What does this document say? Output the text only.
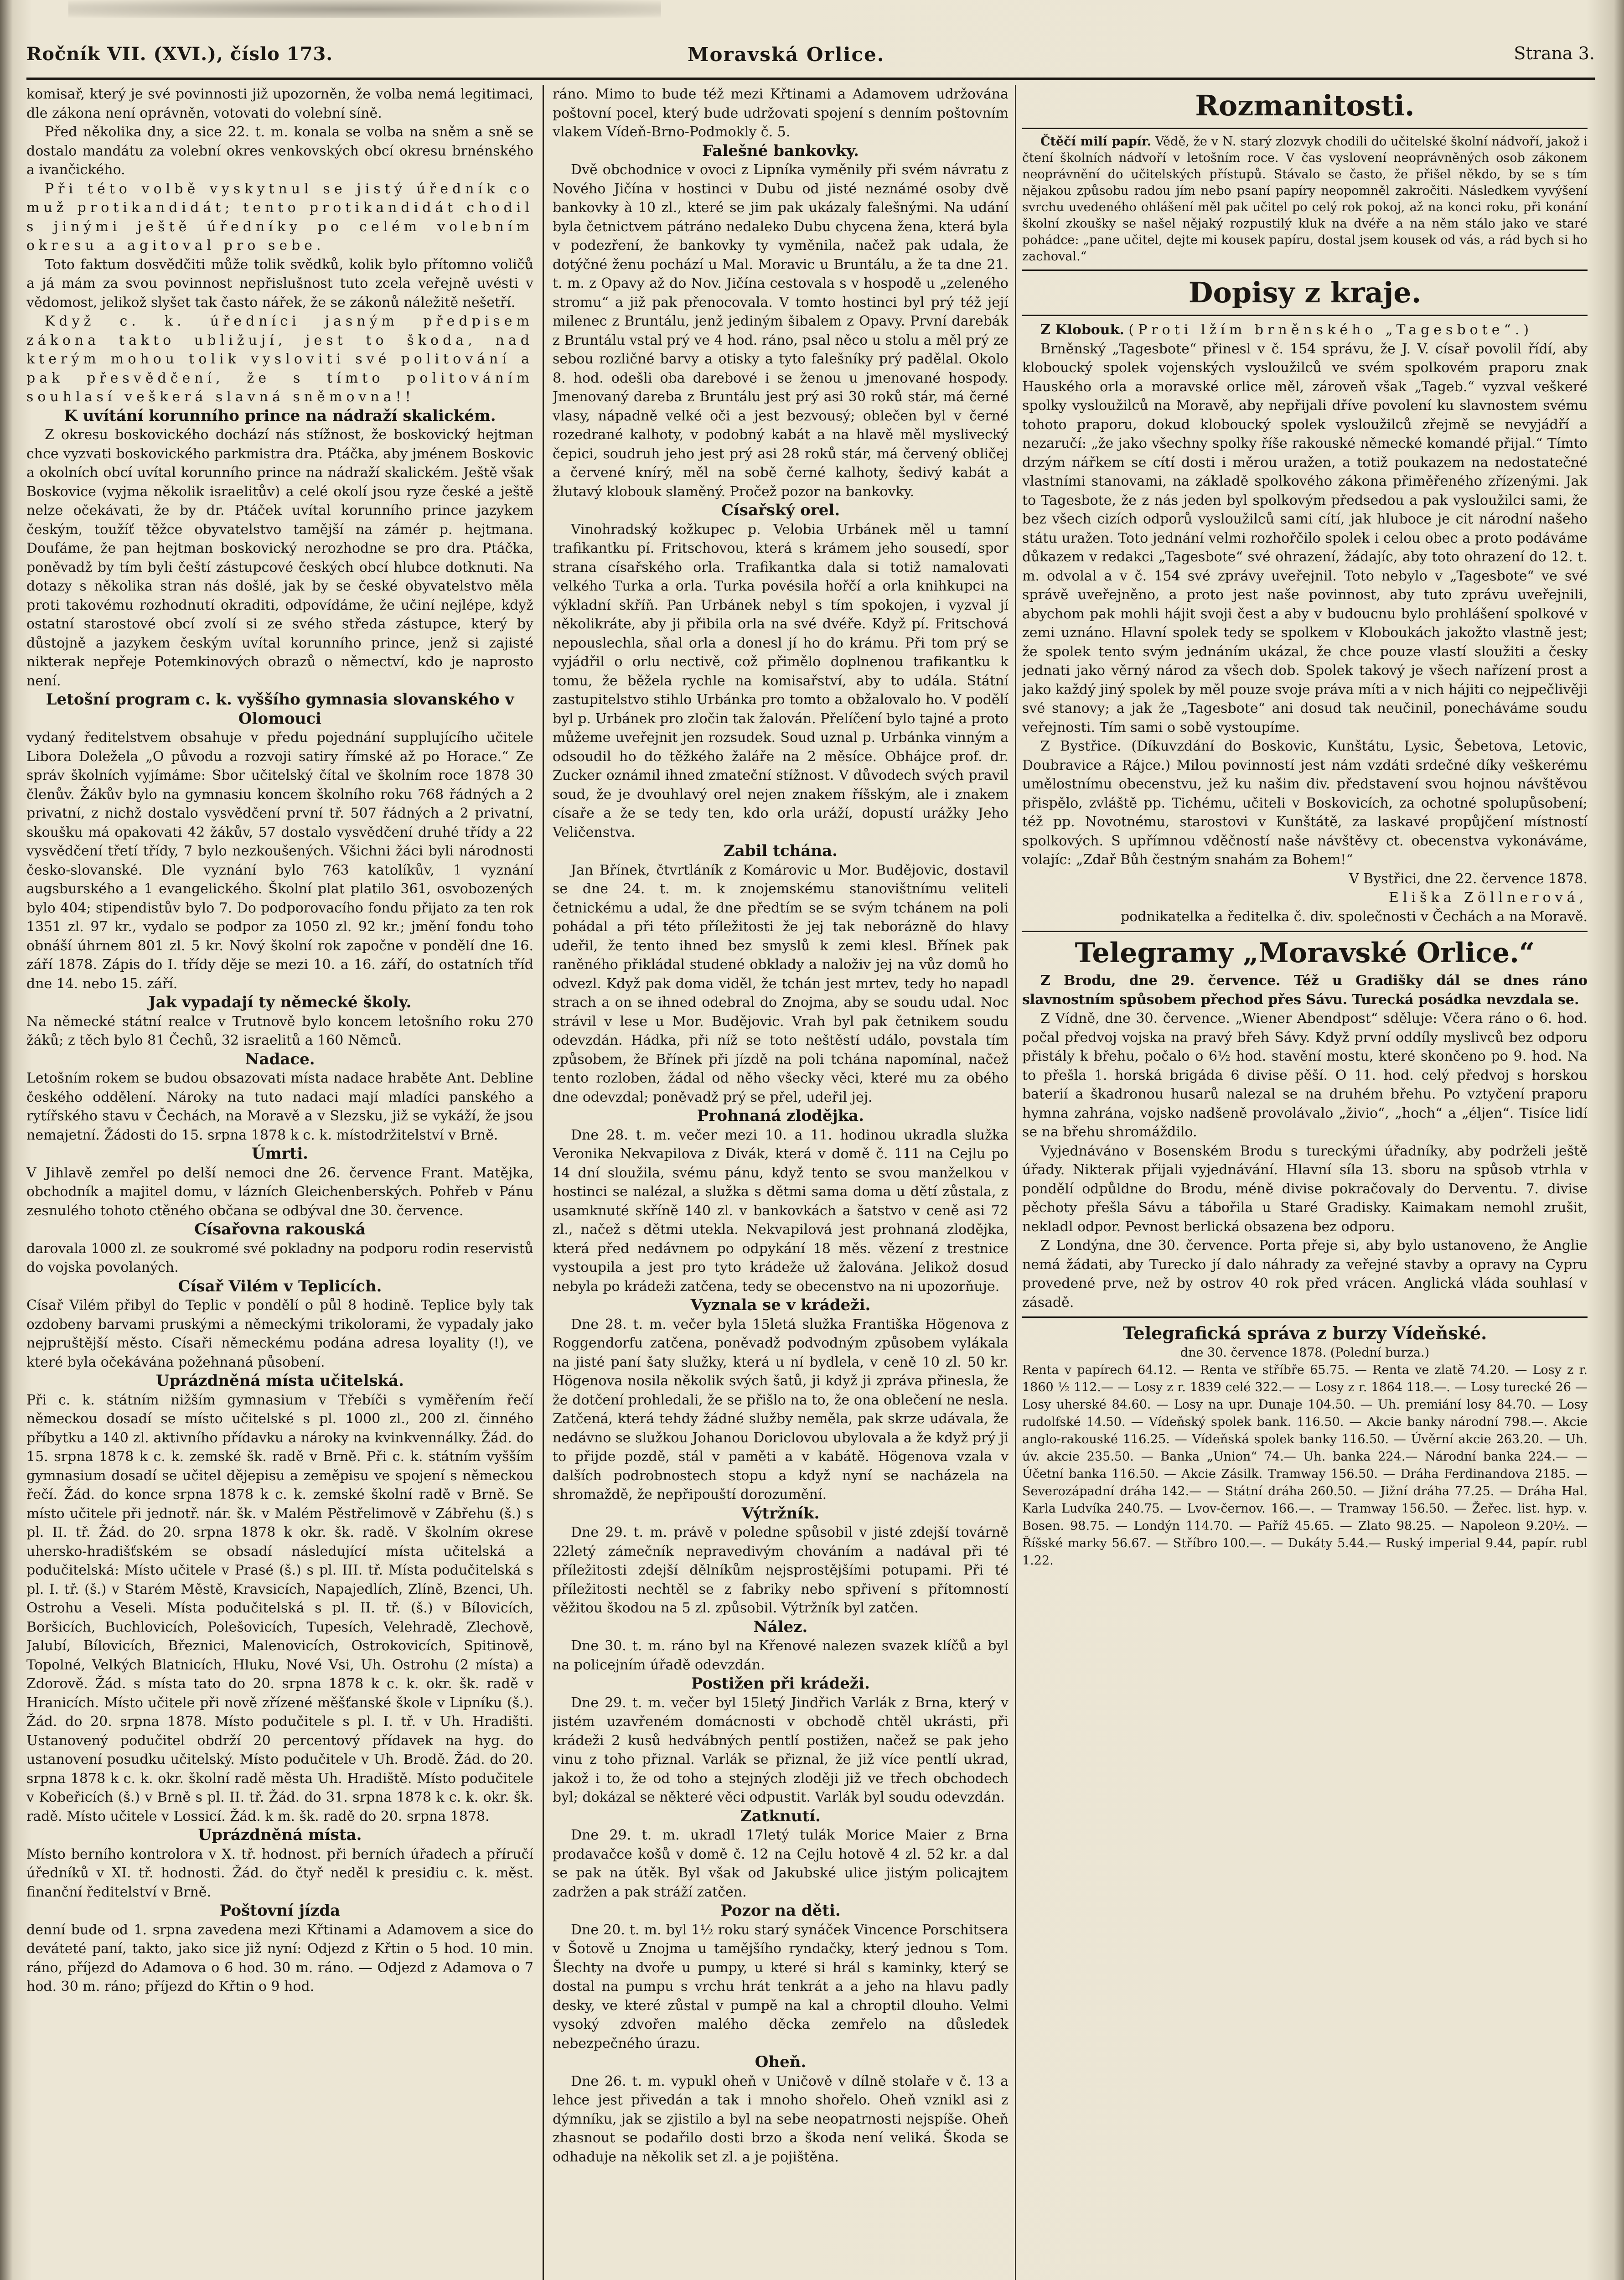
Ročník VII. (XVI.), číslo 173.	Moravská Orlice.	Strana 3.

komisař, který je své povinnosti již upozorněn, že volba nemá legitimaci, dle zákona není oprávněn, votovati do volební síně.

Před několika dny, a sice 22. t. m. konala se volba na sněm a sně se dostalo mandátu za volební okres venkovských obcí okresu brnénského a ivančického.

Při této volbě vyskytnul se jistý úředník co muž protikandidát; tento protikandidát chodil s jinými ještě úředníky po celém volebním okresu a agitoval pro sebe.

Toto faktum dosvědčiti může tolik svědků, kolik bylo přítomno voličů a já mám za svou povinnost nepřislušnost tuto zcela veřejně uvésti v vědomost, jelikož slyšet tak často nářek, že se zákonů náležitě nešetří.

Když c. k. úředníci jasným předpisem zákona takto ubližují, jest to škoda, nad kterým mohou tolik vysloviti své politování a pak přesvědčení, že s tímto politováním souhlasí veškerá slavná sněmovna!!

K uvítání korunního prince na nádraží skalickém.

Z okresu boskovického dochází nás stížnost, že boskovický hejtman chce vyzvati boskovického parkmistra dra. Ptáčka, aby jménem Boskovic a okolních obcí uvítal korunního prince na nádraží skalickém. Ještě však Boskovice (vyjma několik israelitův) a celé okolí jsou ryze české a ještě nelze očekávati, že by dr. Ptáček uvítal korunního prince jazykem českým, toužíť těžce obyvatelstvo tamější na zámér p. hejtmana. Doufáme, že pan hejtman boskovický nerozhodne se pro dra. Ptáčka, poněvadž by tím byli čeští zástupcové českých obcí hlubce dotknuti. Na dotazy s několika stran nás došlé, jak by se české obyvatelstvo měla proti takovému rozhodnutí okraditi, odpovídáme, že učiní nejlépe, když ostatní starostové obcí zvolí si ze svého středa zástupce, který by důstojně a jazykem českým uvítal korunního prince, jenž si zajisté nikterak nepřeje Potemkinových obrazů o němectví, kdo je naprosto není.

Letošní program c. k. vyššího gymnasia slovanského v Olomouci

vydaný ředitelstvem obsahuje v předu pojednání supplujícího učitele Libora Doležela „O původu a rozvoji satiry římské až po Horace.“ Ze správ školních vyjímáme: Sbor učitelský čítal ve školním roce 1878 30 členův. Žákův bylo na gymnasiu koncem školního roku 768 řádných a 2 privatní, z nichž dostalo vysvědčení první tř. 507 řádných a 2 privatní, skoušku má opakovati 42 žákův, 57 dostalo vysvědčení druhé třídy a 22 vysvědčení třetí třídy, 7 bylo nezkoušených. Všichni žáci byli národnosti česko-slovanské. Dle vyznání bylo 763 katolíkův, 1 vyznání augsburského a 1 evangelického. Školní plat platilo 361, osvobozených bylo 404; stipendistův bylo 7. Do podporovacího fondu přijato za ten rok 1351 zl. 97 kr., vydalo se podpor za 1050 zl. 92 kr.; jmění fondu toho obnáší úhrnem 801 zl. 5 kr. Nový školní rok započne v pondělí dne 16. září 1878. Zápis do I. třídy děje se mezi 10. a 16. září, do ostatních tříd dne 14. nebo 15. září.

Jak vypadají ty německé školy.

Na německé státní realce v Trutnově bylo koncem letošního roku 270 žáků; z těch bylo 81 Čechů, 32 israelitů a 160 Němců.

Nadace.

Letošním rokem se budou obsazovati místa nadace hraběte Ant. Debline českého oddělení. Nároky na tuto nadaci mají mladíci panského a rytířského stavu v Čechách, na Moravě a v Slezsku, již se vykáží, že jsou nemajetní. Žádosti do 15. srpna 1878 k c. k. místodržitelství v Brně.

Úmrti.

V Jihlavě zemřel po delší nemoci dne 26. července Frant. Matějka, obchodník a majitel domu, v lázních Gleichenberských. Pohřeb v Pánu zesnulého tohoto ctěného občana se odbýval dne 30. července.

Císařovna rakouská

darovala 1000 zl. ze soukromé své pokladny na podporu rodin reservistů do vojska povolaných.

Císař Vilém v Teplicích.

Císař Vilém přibyl do Teplic v pondělí o půl 8 hodině. Teplice byly tak ozdobeny barvami pruskými a německými trikolorami, že vypadaly jako nejpruštější město. Císaři německému podána adresa loyality (!), ve které byla očekávána požehnaná působení.

Uprázdněná místa učitelská.

Při c. k. státním nižším gymnasium v Třebíči s vyměřením řečí německou dosadí se místo učitelské s pl. 1000 zl., 200 zl. činného příbytku a 140 zl. aktivního přídavku a nároky na kvinkvennálky. Žád. do 15. srpna 1878 k c. k. zemské šk. radě v Brně. Při c. k. státním vyšším gymnasium dosadí se učitel dějepisu a zeměpisu ve spojení s německou řečí. Žád. do konce srpna 1878 k c. k. zemské školní radě v Brně. Se místo učitele při jednotř. nár. šk. v Malém Pěstřelimově v Zábřehu (š.) s pl. II. tř. Žád. do 20. srpna 1878 k okr. šk. radě. V školním okrese uhersko-hradišťském se obsadí následující místa učitelská a podučitelská: Místo učitele v Prasé (š.) s pl. III. tř. Místa podučitelská s pl. I. tř. (š.) v Starém Městě, Kravsicích, Napajedlích, Zlíně, Bzenci, Uh. Ostrohu a Veseli. Místa podučitelská s pl. II. tř. (š.) v Bílovicích, Boršicích, Buchlovicích, Polešovicích, Tupesích, Velehradě, Zlechově, Jalubí, Bílovicích, Březnici, Malenovicích, Ostrokovicích, Spitinově, Topolné, Velkých Blatnicích, Hluku, Nové Vsi, Uh. Ostrohu (2 místa) a Zdorově. Žád. s místa tato do 20. srpna 1878 k c. k. okr. šk. radě v Hranicích. Místo učitele při nově zřízené měšťanské škole v Lipníku (š.). Žád. do 20. srpna 1878. Místo podučitele s pl. I. tř. v Uh. Hradišti. Ustanovený podučitel obdrží 20 percentový přídavek na hyg. do ustanovení posudku učitelský. Místo podučitele v Uh. Brodě. Žád. do 20. srpna 1878 k c. k. okr. školní radě města Uh. Hradiště. Místo podučitele v Kobeřicích (š.) v Brně s pl. II. tř. Žád. do 31. srpna 1878 k c. k. okr. šk. radě. Místo učitele v Lossicí. Žád. k m. šk. radě do 20. srpna 1878.

Uprázdněná místa.

Místo berního kontrolora v X. tř. hodnost. při berních úřadech a příručí úředníků v XI. tř. hodnosti. Žád. do čtyř neděl k presidiu c. k. měst. finanční ředitelství v Brně.

Poštovní jízda

denní bude od 1. srpna zavedena mezi Křtinami a Adamovem a sice do deváteté paní, takto, jako sice již nyní: Odjezd z Křtin o 5 hod. 10 min. ráno, příjezd do Adamova o 6 hod. 30 m. ráno. — Odjezd z Adamova o 7 hod. 30 m. ráno; příjezd do Křtin o 9 hod.

ráno. Mimo to bude též mezi Křtinami a Adamovem udržována poštovní pocel, který bude udržovati spojení s denním poštovním vlakem Vídeň-Brno-Podmokly č. 5.

Falešné bankovky.

Dvě obchodnice v ovoci z Lipníka vyměnily při svém návratu z Nového Jičína v hostinci v Dubu od jisté neznámé osoby dvě bankovky à 10 zl., které se jim pak ukázaly falešnými. Na udání byla četnictvem pátráno nedaleko Dubu chycena žena, která byla v podezření, že bankovky ty vyměnila, načež pak udala, že dotýčné ženu pochází u Mal. Moravic u Bruntálu, a že ta dne 21. t. m. z Opavy až do Nov. Jičína cestovala s v hospodě u „zeleného stromu“ a již pak přenocovala. V tomto hostinci byl prý též její milenec z Bruntálu, jenž jediným šibalem z Opavy. První darebák z Bruntálu vstal prý ve 4 hod. ráno, psal něco u stolu a měl prý ze sebou rozličné barvy a otisky a tyto falešníky prý padělal. Okolo 8. hod. odešli oba darebové i se ženou u jmenované hospody. Jmenovaný dareba z Bruntálu jest prý asi 30 roků stár, má černé vlasy, nápadně velké oči a jest bezvousý; oblečen byl v černé rozedrané kalhoty, v podobný kabát a na hlavě měl myslivecký čepici, soudruh jeho jest prý asi 28 roků stár, má červený obličej a červené knírý, měl na sobě černé kalhoty, šedivý kabát a žlutavý klobouk slaměný. Pročež pozor na bankovky.

Císařský orel.

Vinohradský kožkupec p. Velobia Urbánek měl u tamní trafikantku pí. Fritschovou, která s krámem jeho sousedí, spor strana císařského orla. Trafikantka dala si totiž namalovati velkého Turka a orla. Turka povésila hořčí a orla knihkupci na výkladní skříň. Pan Urbánek nebyl s tím spokojen, i vyzval jí několikráte, aby ji přibila orla na své dvéře. Když pí. Fritschová nepouslechla, sňal orla a donesl jí ho do krámu. Při tom prý se vyjádřil o orlu nectivě, což přimělo doplnenou trafikantku k tomu, že běžela rychle na komisařství, aby to udála. Státní zastupitelstvo stihlo Urbánka pro tomto a obžalovalo ho. V podělí byl p. Urbánek pro zločin tak žalován. Přelíčení bylo tajné a proto můžeme uveřejnit jen rozsudek. Soud uznal p. Urbánka vinným a odsoudil ho do těžkého žaláře na 2 měsíce. Obhájce prof. dr. Zucker oznámil ihned zmateční stížnost. V důvodech svých pravil soud, že je dvouhlavý orel nejen znakem říšským, ale i znakem císaře a že se tedy ten, kdo orla uráží, dopustí urážky Jeho Veličenstva.

Zabil tchána.

Jan Břínek, čtvrtláník z Komárovic u Mor. Budějovic, dostavil se dne 24. t. m. k znojemskému stanovištnímu veliteli četnickému a udal, že dne předtím se se svým tchánem na poli pohádal a při této příležitosti že jej tak neborázně do hlavy udeřil, že tento ihned bez smyslů k zemi klesl. Břínek pak raněného přikládal studené obklady a naloživ jej na vůz domů ho odvezl. Když pak doma viděl, že tchán jest mrtev, tedy ho napadl strach a on se ihned odebral do Znojma, aby se soudu udal. Noc strávil v lese u Mor. Budějovic. Vrah byl pak četnikem soudu odevzdán. Hádka, při níž se toto neštěstí událo, povstala tím způsobem, že Břínek při jízdě na poli tchána napomínal, načež tento rozloben, žádal od něho všecky věci, které mu za obého dne odevzdal; poněvadž prý se přel, udeřil jej.

Prohnaná zlodějka.

Dne 28. t. m. večer mezi 10. a 11. hodinou ukradla služka Veronika Nekvapilova z Divák, která v domě č. 111 na Cejlu po 14 dní sloužila, svému pánu, když tento se svou manželkou v hostinci se nalézal, a služka s dětmi sama doma u dětí zůstala, z usamknuté skříně 140 zl. v bankovkách a šatstvo v ceně asi 72 zl., načež s dětmi utekla. Nekvapilová jest prohnaná zlodějka, která před nedávnem po odpykání 18 měs. vězení z trestnice vystoupila a jest pro tyto krádeže už žalována. Jelikož dosud nebyla po krádeži zatčena, tedy se obecenstvo na ni upozorňuje.

Vyznala se v krádeži.

Dne 28. t. m. večer byla 15letá služka Františka Högenova z Roggendorfu zatčena, poněvadž podvodným způsobem vylákala na jisté paní šaty služky, která u ní bydlela, v ceně 10 zl. 50 kr. Högenova nosila několik svých šatů, ji když ji zpráva přinesla, že že dotčení prohledali, že se přišlo na to, že ona oblečení ne nesla. Zatčená, která tehdy žádné služby neměla, pak skrze udávala, že nedávno se služkou Johanou Doriclovou ubylovala a že když prý ji to přijde pozdě, stál v paměti a v kabátě. Högenova vzala v dalších podrobnostech stopu a když nyní se nacházela na shromaždě, že nepřipouští dorozumění.

Výtržník.

Dne 29. t. m. právě v poledne spůsobil v jisté zdejší továrně 22letý zámečník nepravedivým chováním a nadával při té příležitosti zdejší dělníkům nejsprostějšími potupami. Při té příležitosti nechtěl se z fabriky nebo spřivení s přítomností věžitou škodou na 5 zl. způsobil. Výtržník byl zatčen.

Nález.

Dne 30. t. m. ráno byl na Křenové nalezen svazek klíčů a byl na policejním úřadě odevzdán.

Postižen při krádeži.

Dne 29. t. m. večer byl 15letý Jindřich Varlák z Brna, který v jistém uzavřeném domácnosti v obchodě chtěl ukrásti, při krádeži 2 kusů hedvábných pentlí postižen, načež se pak jeho vinu z toho přiznal. Varlák se přiznal, že již více pentlí ukrad, jakož i to, že od toho a stejných zloději již ve třech obchodech byl; dokázal se některé věci odpustit. Varlák byl soudu odevzdán.

Zatknutí.

Dne 29. t. m. ukradl 17letý tulák Morice Maier z Brna prodavačce košů v domě č. 12 na Cejlu hotově 4 zl. 52 kr. a dal se pak na útěk. Byl však od Jakubské ulice jistým policajtem zadržen a pak stráží zatčen.

Pozor na děti.

Dne 20. t. m. byl 1½ roku starý synáček Vincence Porschitsera v Šotově u Znojma u tamějšího ryndačky, který jednou s Tom. Šlechty na dvoře u pumpy, u které si hrál s kaminky, který se dostal na pumpu s vrchu hrát tenkrát a a jeho na hlavu padly desky, ve které zůstal v pumpě na kal a chroptil dlouho. Velmi vysoký zdvořen malého děcka zemřelo na důsledek nebezpečného úrazu.

Oheň.

Dne 26. t. m. vypukl oheň v Uničově v dílně stolaře v č. 13 a lehce jest přivedán a tak i mnoho shořelo. Oheň vznikl asi z dýmníku, jak se zjistilo a byl na sebe neopatrnosti nejspíše. Oheň zhasnout se podařilo dosti brzo a škoda není veliká. Škoda se odhaduje na několik set zl. a je pojištěna.

Rozmanitosti.

Čtěčí milí papír. Vědě, že v N. starý zlozvyk chodili do učitelské školní nádvoří, jakož i čtení školních nádvoří v letošním roce. V čas vyslovení neoprávněných osob zákonem neoprávnění do učitelských přístupů. Stávalo se často, že přišel někdo, by se s tím nějakou způsobu radou jím nebo psaní papíry neopomněl zakročiti. Následkem vyvýšení svrchu uvedeného ohlášení měl pak učitel po celý rok pokoj, až na konci roku, při konání školní zkoušky se našel nějaký rozpustilý kluk na dvéře a na něm stálo jako ve staré pohádce: „pane učitel, dejte mi kousek papíru, dostal jsem kousek od vás, a rád bych si ho zachoval.“

Dopisy z kraje.

Z Klobouk. (Proti lžím brněnského „Tagesbote“.)

Brněnský „Tagesbote“ přinesl v č. 154 správu, že J. V. císař povolil řídí, aby kloboucký spolek vojenských vysloužilců ve svém spolkovém praporu znak Hauského orla a moravské orlice měl, zároveň však „Tageb.“ vyzval veškeré spolky vysloužilců na Moravě, aby nepřijali dříve povolení ku slavnostem svému tohoto praporu, dokud kloboucký spolek vysloužilců zřejmě se nevyjádří a nezaručí: „že jako všechny spolky říše rakouské německé komandé přijal.“ Tímto drzým nářkem se cítí dosti i měrou uražen, a totiž poukazem na nedostatečné vlastními stanovami, na základě spolkového zákona přiměřeného zřízenými. Jak to Tagesbote, že z nás jeden byl spolkovým předsedou a pak vysloužilci sami, že bez všech cizích odporů vysloužilců sami cítí, jak hluboce je cit národní našeho státu uražen. Toto jednání velmi rozhořčilo spolek i celou obec a proto podáváme důkazem v redakci „Tagesbote“ své ohrazení, žádajíc, aby toto ohrazení do 12. t. m. odvolal a v č. 154 své zprávy uveřejnil. Toto nebylo v „Tagesbote“ ve své správě uveřejněno, a proto jest naše povinnost, aby tuto zprávu uveřejnili, abychom pak mohli hájit svoji čest a aby v budoucnu bylo prohlášení spolkové v zemi uznáno. Hlavní spolek tedy se spolkem v Kloboukách jakožto vlastně jest; že spolek tento svým jednáním ukázal, že chce pouze vlastí sloužiti a česky jednati jako věrný národ za všech dob. Spolek takový je všech nařízení prost a jako každý jiný spolek by měl pouze svoje práva míti a v nich hájiti co nejpečlivěji své stanovy; a jak že „Tagesbote“ ani dosud tak neučinil, ponecháváme soudu veřejnosti. Tím sami o sobě vystoupíme.

Z Bystřice. (Díkuvzdání do Boskovic, Kunštátu, Lysic, Šebetova, Letovic, Doubravice a Rájce.) Milou povinností jest nám vzdáti srdečné díky veškerému umělostnímu obecenstvu, jež ku našim div. představení svou hojnou návštěvou přispělo, zvláště pp. Tichému, učiteli v Boskovicích, za ochotné spolupůsobení; též pp. Novotnému, starostovi v Kunštátě, za laskavé propůjčení místností spolkových. S upřímnou vděčností naše návštěvy ct. obecenstva vykonáváme, volajíc: „Zdař Bůh čestným snahám za Bohem!“

V Bystřici, dne 22. července 1878.

Eliška Zöllnerová,

podnikatelka a ředitelka č. div. společnosti v Čechách a na Moravě.

Telegramy „Moravské Orlice.“

Z Brodu, dne 29. července. Též u Gradišky dál se dnes ráno slavnostním spůsobem přechod přes Sávu. Turecká posádka nevzdala se.

Z Vídně, dne 30. července. „Wiener Abendpost“ sděluje: Včera ráno o 6. hod. počal předvoj vojska na pravý břeh Sávy. Když první oddíly myslivců bez odporu přistály k břehu, počalo o 6½ hod. stavění mostu, které skončeno po 9. hod. Na to přešla 1. horská brigáda 6 divise pěší. O 11. hod. celý předvoj s horskou baterií a škadronou husarů nalezal se na druhém břehu. Po vztyčení praporu hymna zahrána, vojsko nadšeně provolávalo „živio“, „hoch“ a „éljen“. Tisíce lidí se na břehu shromáždilo.

Vyjednáváno v Bosenském Brodu s tureckými úřadníky, aby podrželi ještě úřady. Nikterak přijali vyjednávání. Hlavní síla 13. sboru na spůsob vtrhla v pondělí odpůldne do Brodu, méně divise pokračovaly do Derventu. 7. divise pěchoty přešla Sávu a tábořila u Staré Gradisky. Kaimakam nemohl zrušit, nekladl odpor. Pevnost berlická obsazena bez odporu.

Z Londýna, dne 30. července. Porta přeje si, aby bylo ustanoveno, že Anglie nemá žádati, aby Turecko jí dalo náhrady za veřejné stavby a opravy na Cypru provedené prve, než by ostrov 40 rok před vrácen. Anglická vláda souhlasí v zásadě.

Telegrafická správa z burzy Vídeňské.

dne 30. července 1878. (Polední burza.)

Renta v papírech 64.12. — Renta ve stříbře 65.75. — Renta ve zlatě 74.20. — Losy z r. 1860 ½ 112.— — Losy z r. 1839 celé 322.— — Losy z r. 1864 118.—. — Losy turecké 26 — Losy uherské 84.60. — Losy na upr. Dunaje 104.50. — Uh. premiání losy 84.70. — Losy rudolfské 14.50. — Vídeňský spolek bank. 116.50. — Akcie banky národní 798.—. Akcie anglo-rakouské 116.25. — Vídeňská spolek banky 116.50. — Úvěrní akcie 263.20. — Uh. úv. akcie 235.50. — Banka „Union“ 74.— Uh. banka 224.— Národní banka 224.— — Účetní banka 116.50. — Akcie Zásilk. Tramway 156.50. — Dráha Ferdinandova 2185. — Severozápadní dráha 142.— — Státní dráha 260.50. — Jižní dráha 77.25. — Dráha Hal. Karla Ludvíka 240.75. — Lvov-černov. 166.—. — Tramway 156.50. — Žeřec. list. hyp. v. Bosen. 98.75. — Londýn 114.70. — Paříž 45.65. — Zlato 98.25. — Napoleon 9.20½. — Říšské marky 56.67. — Stříbro 100.—. — Dukáty 5.44.— Ruský imperial 9.44, papír. rubl 1.22.
